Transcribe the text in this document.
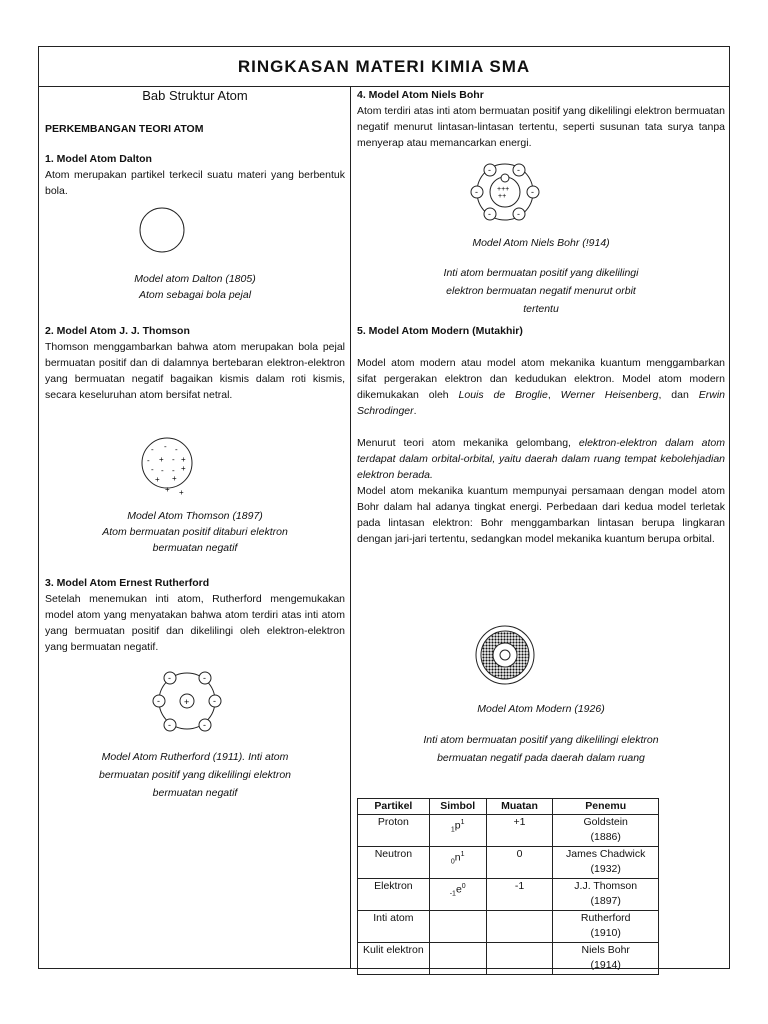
RINGKASAN MATERI KIMIA SMA
Bab Struktur Atom
PERKEMBANGAN TEORI ATOM
1. Model Atom Dalton
Atom merupakan partikel terkecil suatu materi yang berbentuk bola.
Model atom Dalton (1805)
Atom sebagai bola pejal
2. Model Atom J. J. Thomson
Thomson menggambarkan bahwa atom merupakan bola pejal bermuatan positif dan di dalamnya bertebaran elektron-elektron yang bermuatan negatif bagaikan kismis dalam roti kismis, secara keseluruhan atom bersifat netral.
- - -
- + - +
- - - +
+ +
+ +
Model Atom Thomson (1897)
Atom bermuatan positif ditaburi elektron
bermuatan negatif
3. Model Atom Ernest Rutherford
Setelah menemukan inti atom, Rutherford mengemukakan model atom yang menyatakan bahwa atom terdiri atas inti atom yang bermuatan positif dan dikelilingi oleh elektron-elektron yang bermuatan negatif.
+
-	-
-	-
-	-
Model Atom Rutherford (1911). Inti atom
bermuatan positif yang dikelilingi elektron
bermuatan negatif
4. Model Atom Niels Bohr
Atom terdiri atas inti atom bermuatan positif yang dikelilingi elektron bermuatan negatif menurut lintasan-lintasan tertentu, seperti susunan tata surya tanpa menyerap atau memancarkan energi.
+++
++
-	-
-	-
-	-
Model Atom Niels Bohr (!914)
Inti atom bermuatan positif yang dikelilingi
elektron bermuatan negatif menurut orbit
tertentu
5. Model Atom Modern (Mutakhir)
Model atom modern atau model atom mekanika kuantum menggambarkan sifat pergerakan elektron dan kedudukan elektron. Model atom modern dikemukakan oleh Louis de Broglie, Werner Heisenberg, dan Erwin Schrodinger.
Menurut teori atom mekanika gelombang, elektron-elektron dalam atom terdapat dalam orbital-orbital, yaitu daerah dalam ruang tempat kebolehjadian elektron berada.
Model atom mekanika kuantum mempunyai persamaan dengan model atom Bohr dalam hal adanya tingkat energi. Perbedaan dari kedua model terletak pada lintasan elektron: Bohr menggambarkan lintasan berupa lingkaran dengan jari-jari tertentu, sedangkan model mekanika kuantum berupa orbital.
Model Atom Modern (1926)
Inti atom bermuatan positif yang dikelilingi elektron
bermuatan negatif pada daerah dalam ruang
Partikel	Simbol	Muatan	Penemu
Proton	$_1p^1$	+1	Goldstein
(1886)

Neutron	$_0n^1$	0	James Chadwick
(1932)

Elektron	$_{-1}e^0$	-1	J.J. Thomson
(1897)

Inti atom			Rutherford
(1910)

Kulit elektron			Niels Bohr
(1914)
